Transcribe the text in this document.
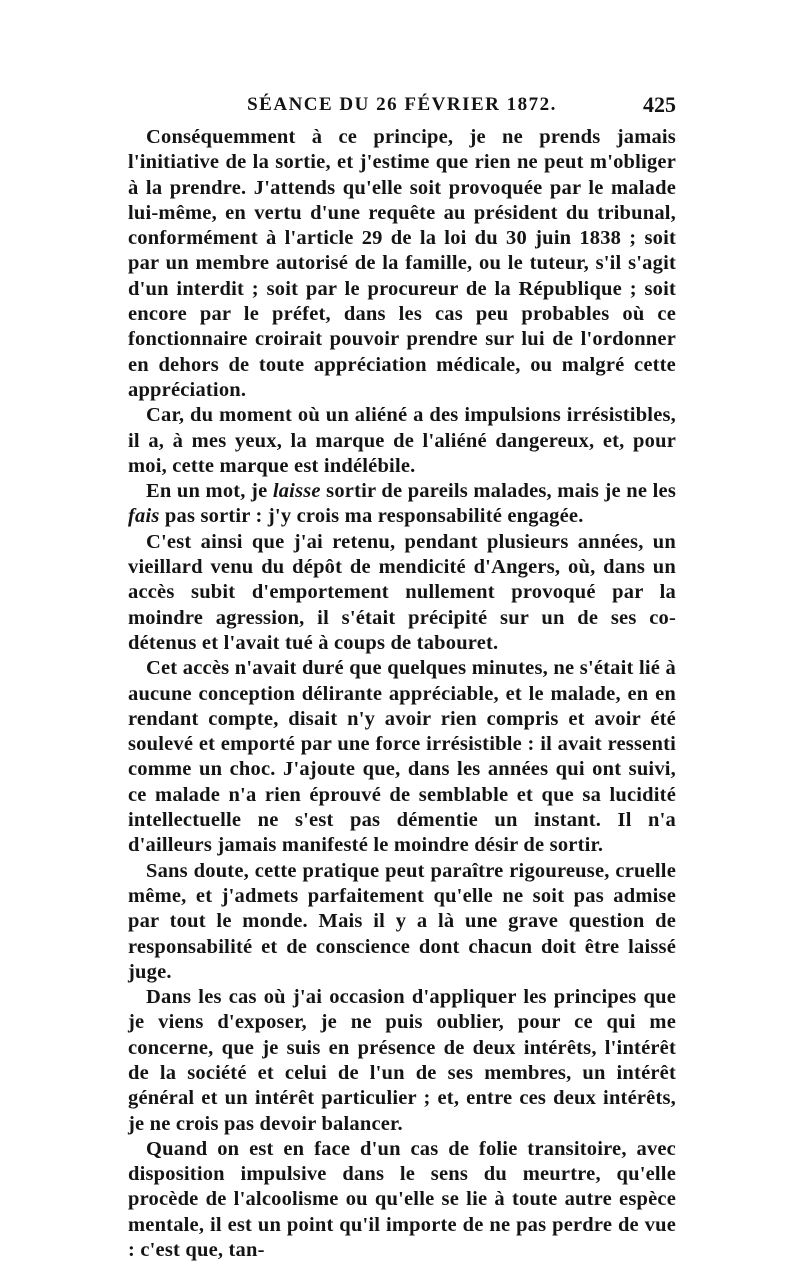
SÉANCE DU 26 FÉVRIER 1872.	425

Conséquemment à ce principe, je ne prends jamais l'initiative de la sortie, et j'estime que rien ne peut m'obliger à la prendre. J'attends qu'elle soit provoquée par le malade lui-même, en vertu d'une requête au président du tribunal, conformément à l'article 29 de la loi du 30 juin 1838 ; soit par un membre autorisé de la famille, ou le tuteur, s'il s'agit d'un interdit ; soit par le procureur de la République ; soit encore par le préfet, dans les cas peu probables où ce fonctionnaire croirait pouvoir prendre sur lui de l'ordonner en dehors de toute appréciation médicale, ou malgré cette appréciation.

Car, du moment où un aliéné a des impulsions irrésistibles, il a, à mes yeux, la marque de l'aliéné dangereux, et, pour moi, cette marque est indélébile.

En un mot, je laisse sortir de pareils malades, mais je ne les fais pas sortir : j'y crois ma responsabilité engagée.

C'est ainsi que j'ai retenu, pendant plusieurs années, un vieillard venu du dépôt de mendicité d'Angers, où, dans un accès subit d'emportement nullement provoqué par la moindre agression, il s'était précipité sur un de ses co-détenus et l'avait tué à coups de tabouret.

Cet accès n'avait duré que quelques minutes, ne s'était lié à aucune conception délirante appréciable, et le malade, en en rendant compte, disait n'y avoir rien compris et avoir été soulevé et emporté par une force irrésistible : il avait ressenti comme un choc. J'ajoute que, dans les années qui ont suivi, ce malade n'a rien éprouvé de semblable et que sa lucidité intellectuelle ne s'est pas démentie un instant. Il n'a d'ailleurs jamais manifesté le moindre désir de sortir.

Sans doute, cette pratique peut paraître rigoureuse, cruelle même, et j'admets parfaitement qu'elle ne soit pas admise par tout le monde. Mais il y a là une grave question de responsabilité et de conscience dont chacun doit être laissé juge.

Dans les cas où j'ai occasion d'appliquer les principes que je viens d'exposer, je ne puis oublier, pour ce qui me concerne, que je suis en présence de deux intérêts, l'intérêt de la société et celui de l'un de ses membres, un intérêt général et un intérêt particulier ; et, entre ces deux intérêts, je ne crois pas devoir balancer.

Quand on est en face d'un cas de folie transitoire, avec disposition impulsive dans le sens du meurtre, qu'elle procède de l'alcoolisme ou qu'elle se lie à toute autre espèce mentale, il est un point qu'il importe de ne pas perdre de vue : c'est que, tan-
